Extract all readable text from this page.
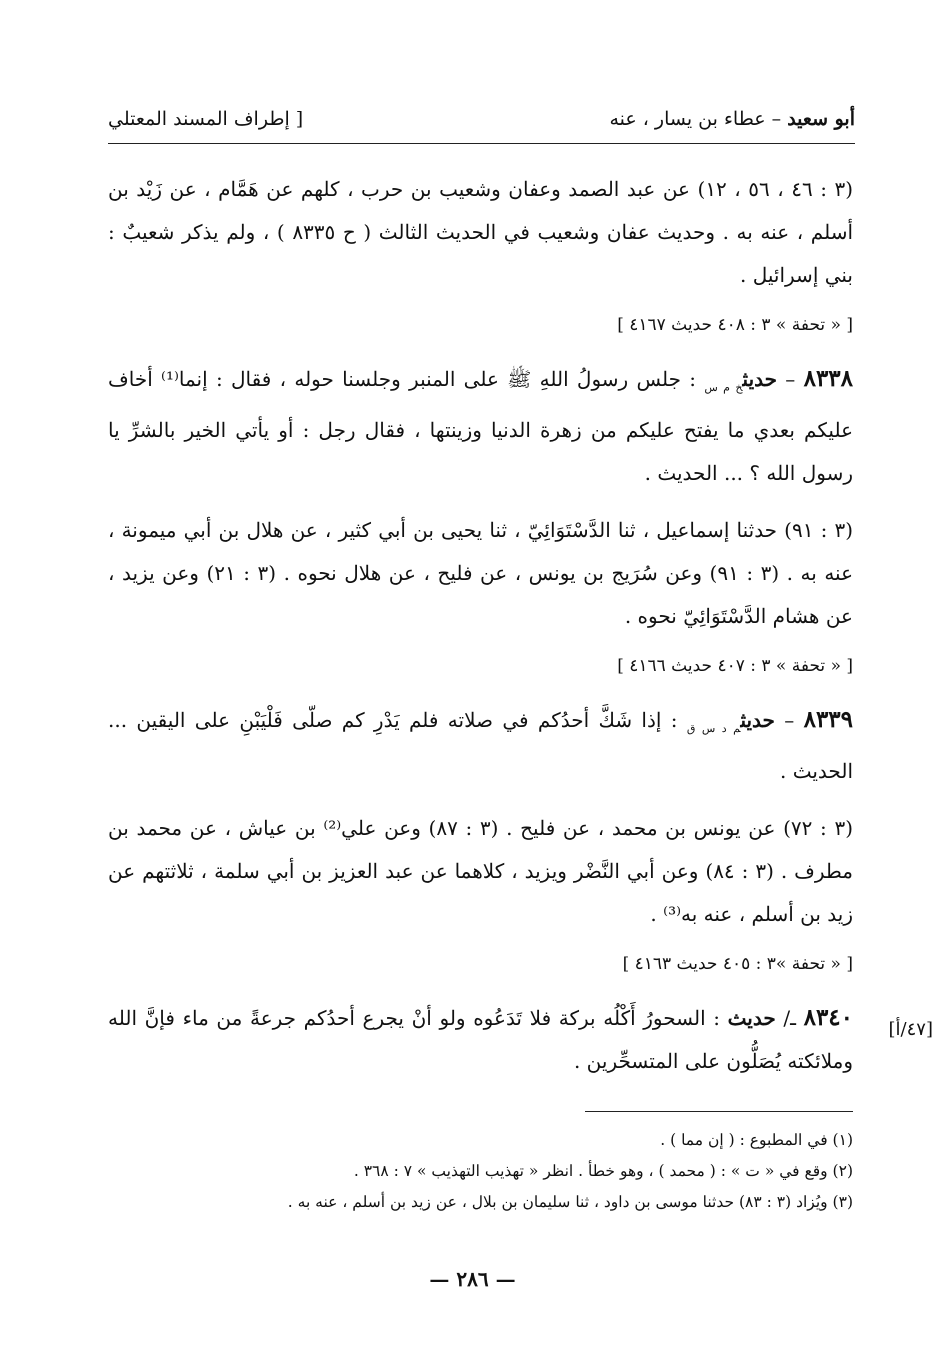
أبو سعيد – عطاء بن يسار ، عنه
[ إطراف المسند المعتلي

(٣ : ٤٦ ، ٥٦ ، ١٢) عن عبد الصمد وعفان وشعيب بن حرب ، كلهم عن هَمَّام ، عن زَيْد بن أسلم ، عنه به . وحديث عفان وشعيب في الحديث الثالث ( ح ٨٣٣٥ ) ، ولم يذكر شعيبٌ : بني إسرائيل .

[ « تحفة » ٣ : ٤٠٨ حديث ٤١٦٧ ]

٨٣٣٨ – حديث$_{خ م س}$ : جلس رسولُ اللهِ ﷺ على المنبر وجلسنا حوله ، فقال : إنما⁽¹⁾ أخاف عليكم بعدي ما يفتح عليكم من زهرة الدنيا وزينتها ، فقال رجل : أو يأتي الخير بالشرِّ يا رسول الله ؟ ... الحديث .

(٣ : ٩١) حدثنا إسماعيل ، ثنا الدَّسْتَوَائِيّ ، ثنا يحيى بن أبي كثير ، عن هلال بن أبي ميمونة ، عنه به . (٣ : ٩١) وعن سُرَيج بن يونس ، عن فليح ، عن هلال نحوه . (٣ : ٢١) وعن يزيد ، عن هشام الدَّسْتَوَائِيّ نحوه .

[ « تحفة » ٣ : ٤٠٧ حديث ٤١٦٦ ]

٨٣٣٩ – حديث$_{م د س ق}$ : إذا شَكَّ أحدُكم في صلاته فلم يَدْرِ كم صلّى فَلْيَبْنِ على اليقين ... الحديث .

(٣ : ٧٢) عن يونس بن محمد ، عن فليح . (٣ : ٨٧) وعن علي⁽²⁾ بن عياش ، عن محمد بن مطرف . (٣ : ٨٤) وعن أبي النَّضْر ويزيد ، كلاهما عن عبد العزيز بن أبي سلمة ، ثلاثتهم عن زيد بن أسلم ، عنه به⁽³⁾ .

[ « تحفة »٣ : ٤٠٥ حديث ٤١٦٣ ]

٨٣٤٠ ـ/ حديث : السحورُ أَكْلُه بركة فلا تَدَعُوه ولو أنْ يجرع أحدُكم جرعةً من ماء فإنَّ الله وملائكته يُصَلُّون على المتسحِّرين .

[٤٧/أ]

(١) في المطبوع : ( إن مما ) .

(٢) وقع في « ت » : ( محمد ) ، وهو خطأ . انظر « تهذيب التهذيب » ٧ : ٣٦٨ .

(٣) ويُزاد (٣ : ٨٣) حدثنا موسى بن داود ، ثنا سليمان بن بلال ، عن زيد بن أسلم ، عنه به .

— ٢٨٦ —
